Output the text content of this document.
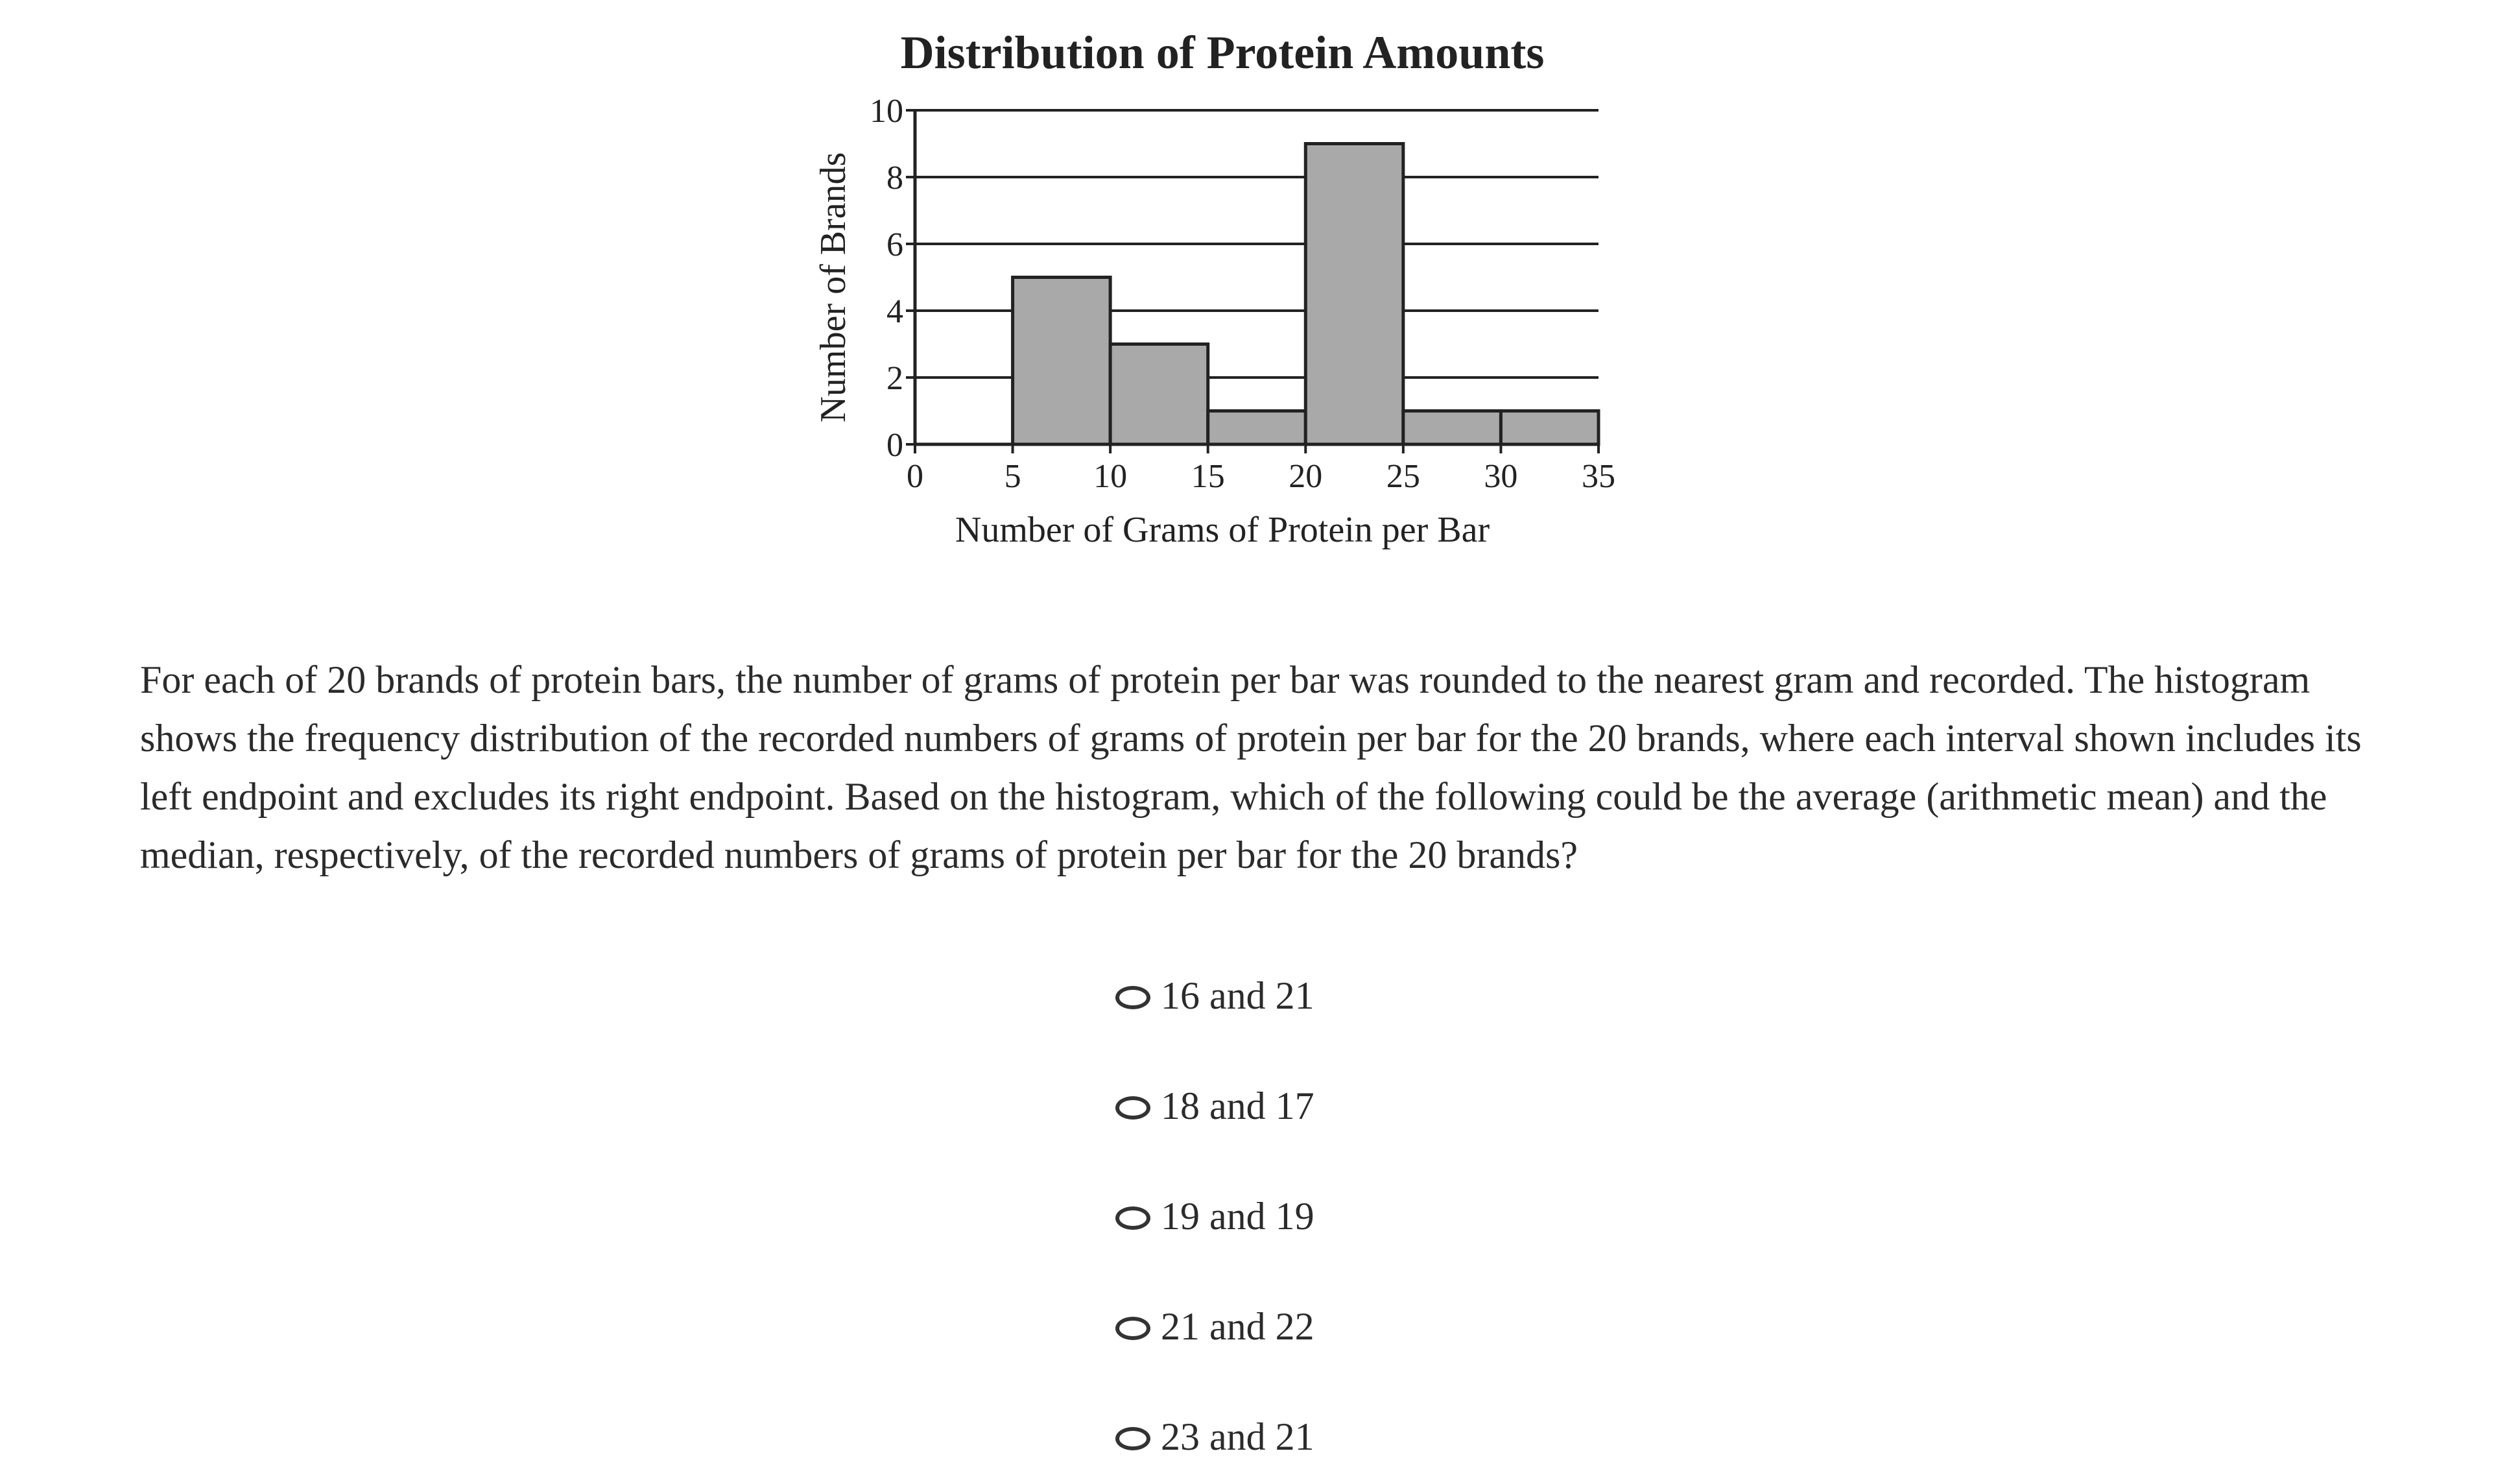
Distribution of Protein Amounts
Number of Brands
Number of Grams of Protein per Bar
0
2
4
6
8
10
0 5 10 15 20 25 30 35

For each of 20 brands of protein bars, the number of grams of protein per bar was rounded to the nearest gram and recorded. The histogram shows the frequency distribution of the recorded numbers of grams of protein per bar for the 20 brands, where each interval shown includes its left endpoint and excludes its right endpoint. Based on the histogram, which of the following could be the average (arithmetic mean) and the median, respectively, of the recorded numbers of grams of protein per bar for the 20 brands?

16 and 21
18 and 17
19 and 19
21 and 22
23 and 21
